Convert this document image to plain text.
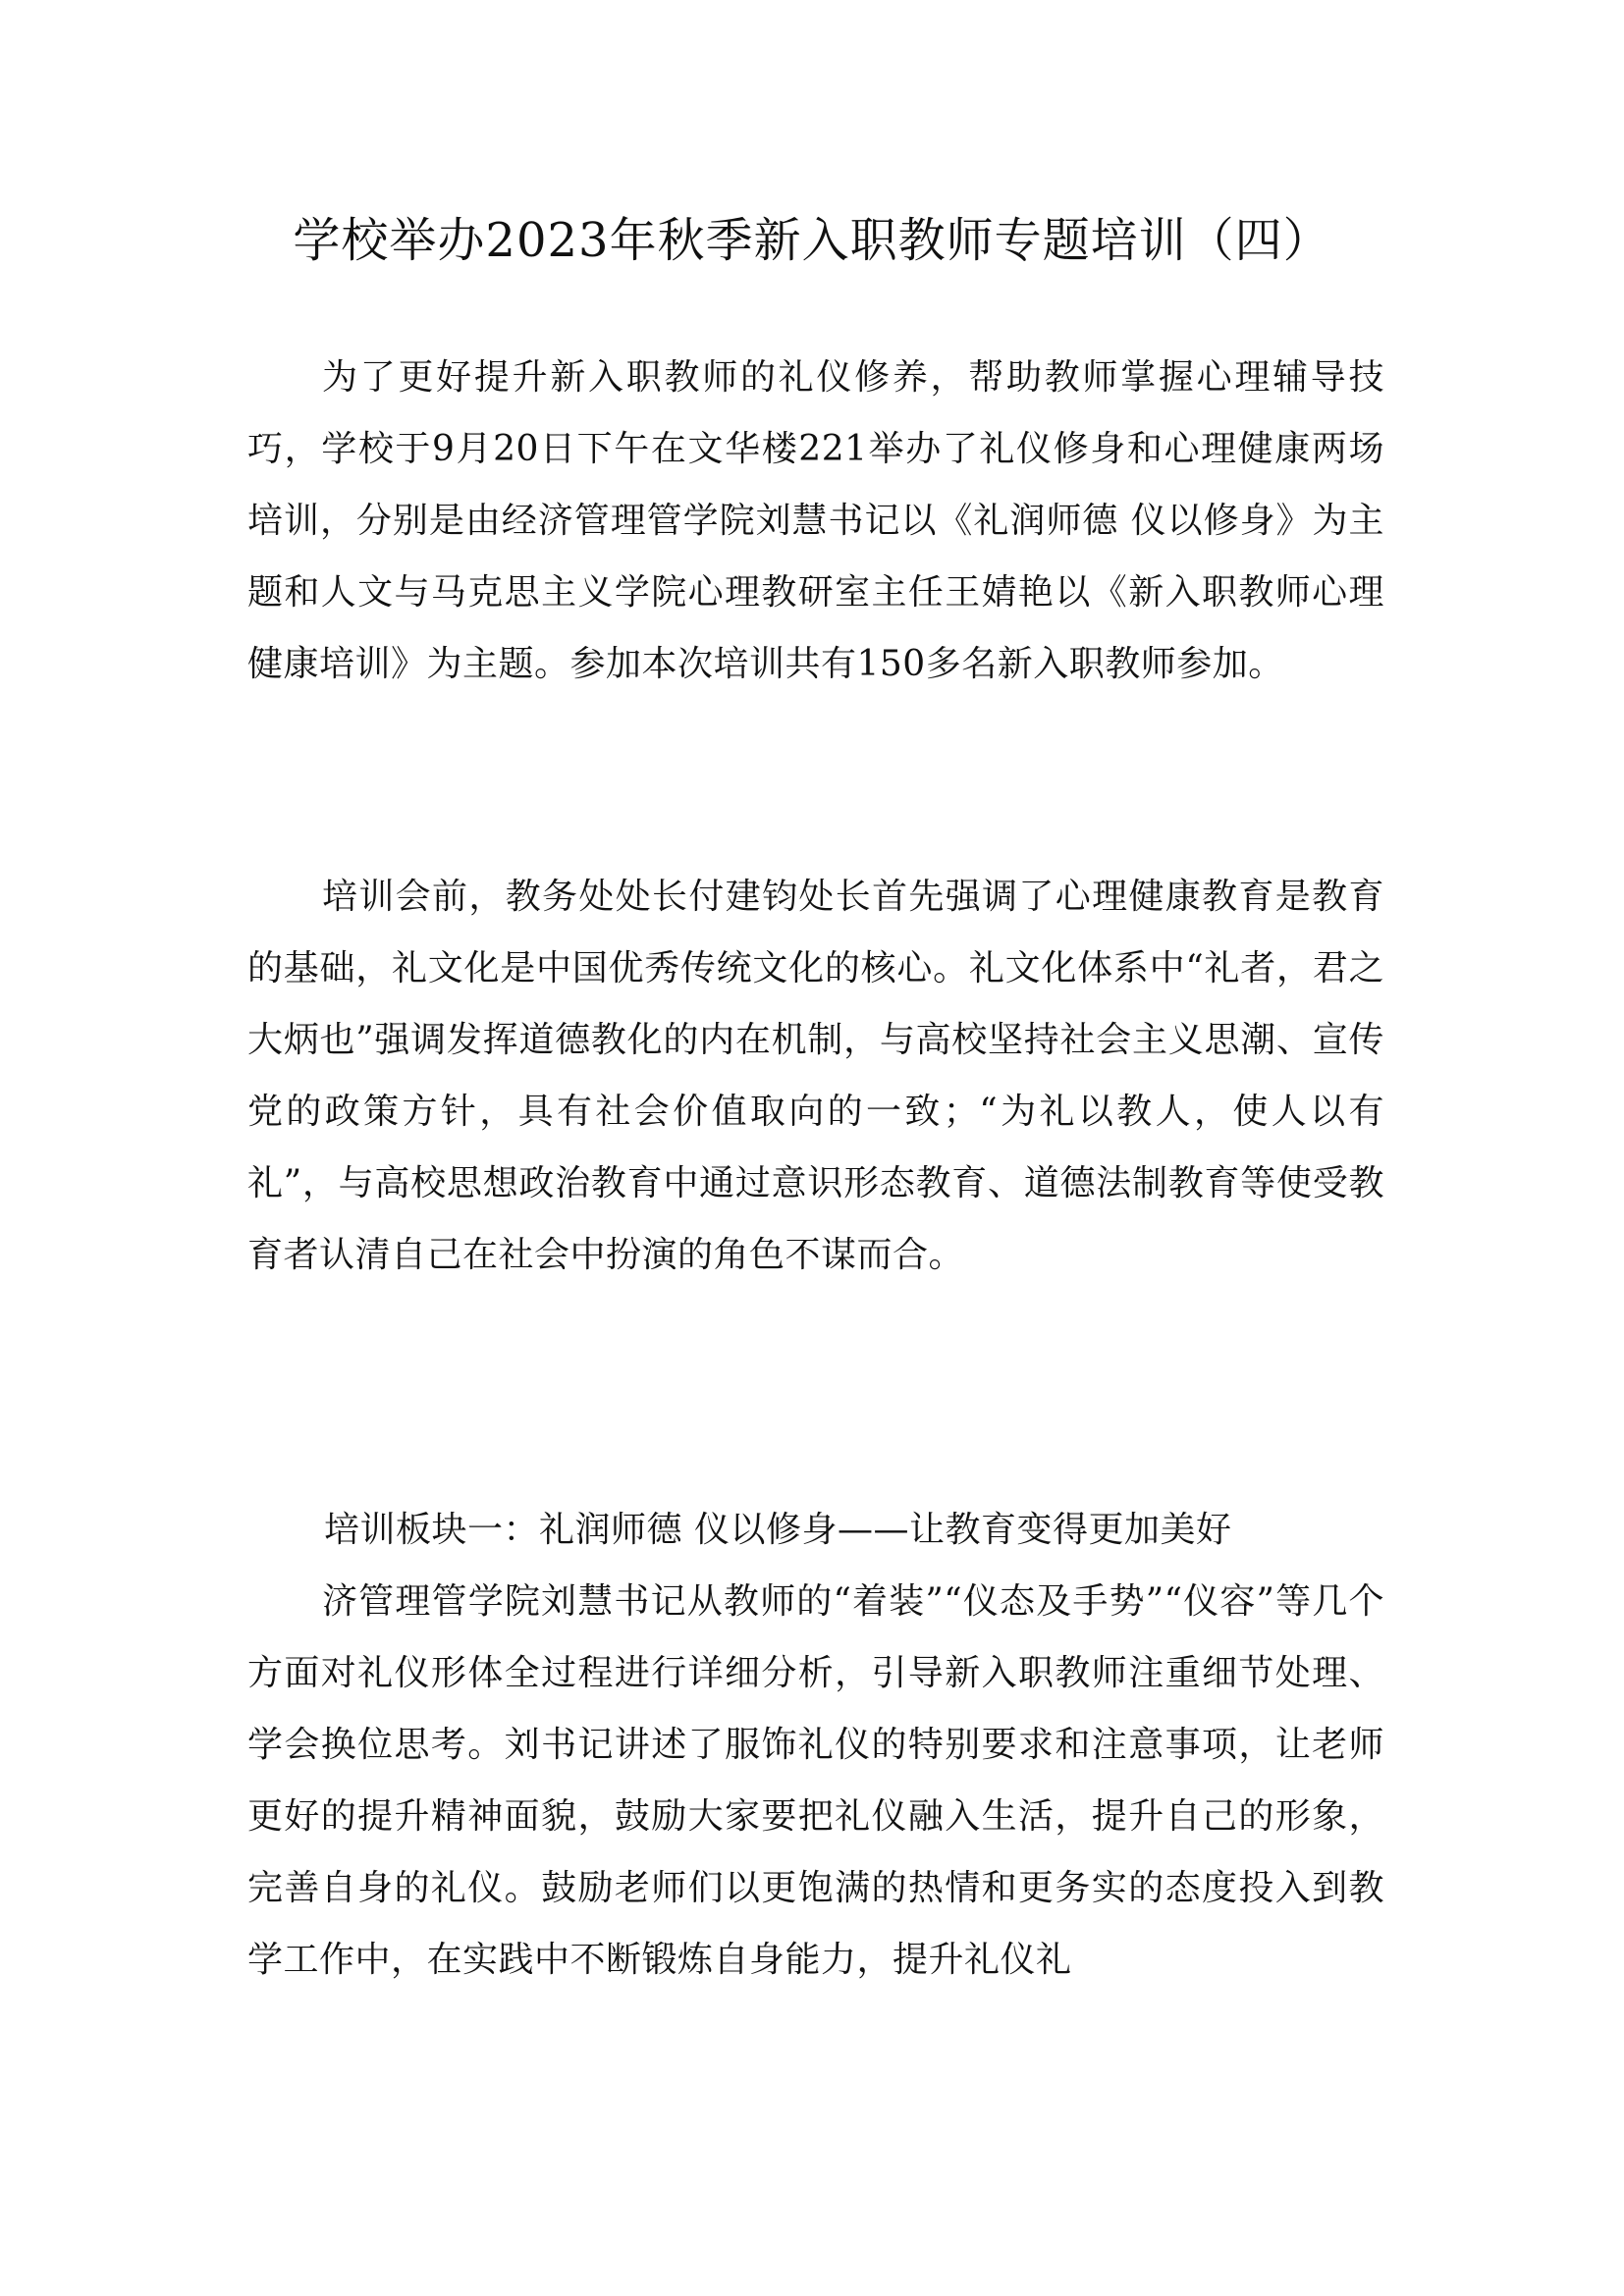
学校举办2023年秋季新入职教师专题培训（四）

为了更好提升新入职教师的礼仪修养，帮助教师掌握心理辅导技巧，学校于9月20日下午在文华楼221举办了礼仪修身和心理健康两场培训，分别是由经济管理管学院刘慧书记以《礼润师德 仪以修身》为主题和人文与马克思主义学院心理教研室主任王婧艳以《新入职教师心理健康培训》为主题。参加本次培训共有150多名新入职教师参加。

培训会前，教务处处长付建钧处长首先强调了心理健康教育是教育的基础，礼文化是中国优秀传统文化的核心。礼文化体系中“礼者，君之大炳也”强调发挥道德教化的内在机制，与高校坚持社会主义思潮、宣传党的政策方针，具有社会价值取向的一致；“为礼以教人，使人以有礼”，与高校思想政治教育中通过意识形态教育、道德法制教育等使受教育者认清自己在社会中扮演的角色不谋而合。

培训板块一：礼润师德 仪以修身——让教育变得更加美好

济管理管学院刘慧书记从教师的“着装”“仪态及手势”“仪容”等几个方面对礼仪形体全过程进行详细分析，引导新入职教师注重细节处理、学会换位思考。刘书记讲述了服饰礼仪的特别要求和注意事项，让老师更好的提升精神面貌，鼓励大家要把礼仪融入生活，提升自己的形象，完善自身的礼仪。鼓励老师们以更饱满的热情和更务实的态度投入到教学工作中，在实践中不断锻炼自身能力，提升礼仪礼
